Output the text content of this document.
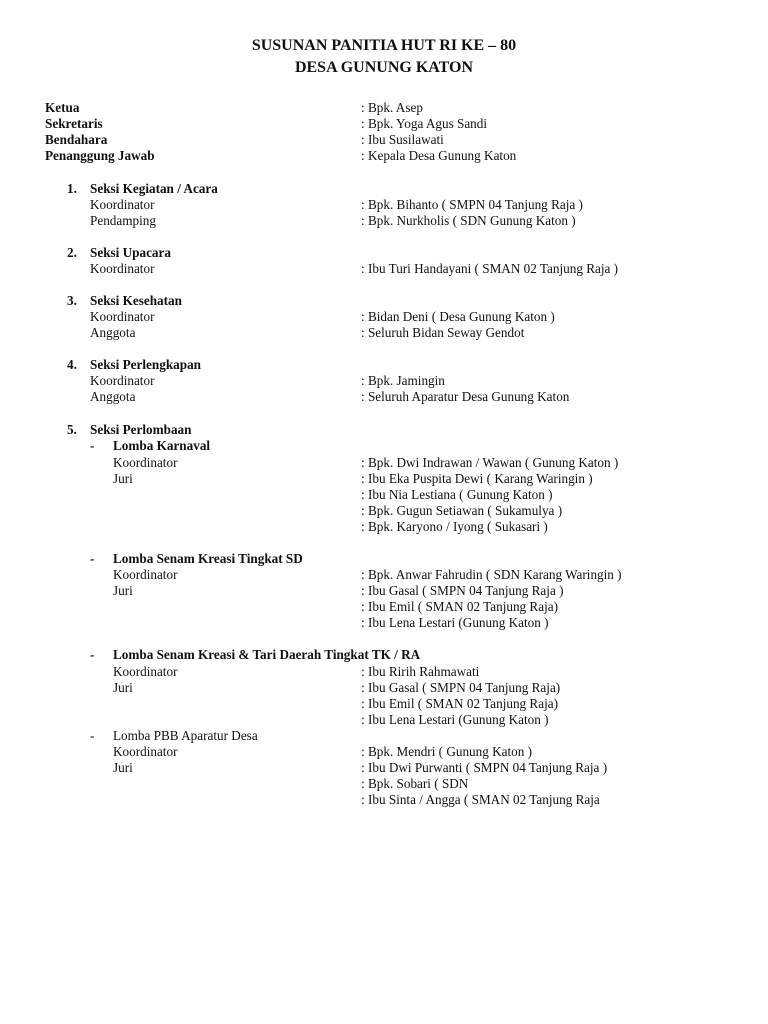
SUSUNAN PANITIA HUT RI KE – 80
DESA GUNUNG KATON
Ketua	: Bpk. Asep
Sekretaris	: Bpk. Yoga Agus Sandi
Bendahara	: Ibu Susilawati
Penanggung Jawab	: Kepala Desa Gunung Katon
1. Seksi Kegiatan / Acara
Koordinator	: Bpk. Bihanto ( SMPN 04 Tanjung Raja )
Pendamping	: Bpk. Nurkholis ( SDN Gunung Katon )
2. Seksi Upacara
Koordinator	: Ibu Turi Handayani ( SMAN 02 Tanjung Raja )
3. Seksi Kesehatan
Koordinator	: Bidan Deni ( Desa Gunung Katon )
Anggota	: Seluruh Bidan Seway Gendot
4. Seksi Perlengkapan
Koordinator	: Bpk. Jamingin
Anggota	: Seluruh Aparatur Desa Gunung Katon
5. Seksi Perlombaan
- Lomba Karnaval
Koordinator	: Bpk. Dwi Indrawan / Wawan ( Gunung Katon )
Juri	: Ibu Eka Puspita Dewi ( Karang Waringin )
: Ibu Nia Lestiana ( Gunung Katon )
: Bpk. Gugun Setiawan ( Sukamulya )
: Bpk. Karyono / Iyong ( Sukasari )
- Lomba Senam Kreasi Tingkat SD
Koordinator	: Bpk. Anwar Fahrudin ( SDN Karang Waringin )
Juri	: Ibu Gasal ( SMPN 04 Tanjung Raja )
: Ibu Emil ( SMAN 02 Tanjung Raja)
: Ibu Lena Lestari (Gunung Katon )
- Lomba Senam Kreasi & Tari Daerah Tingkat TK / RA
Koordinator	: Ibu Ririh Rahmawati
Juri	: Ibu Gasal ( SMPN 04 Tanjung Raja)
: Ibu Emil ( SMAN 02 Tanjung Raja)
: Ibu Lena Lestari (Gunung Katon )
- Lomba PBB Aparatur Desa
Koordinator	: Bpk. Mendri ( Gunung Katon )
Juri	: Ibu Dwi Purwanti ( SMPN 04 Tanjung Raja )
: Bpk. Sobari ( SDN
: Ibu Sinta / Angga ( SMAN 02 Tanjung Raja
